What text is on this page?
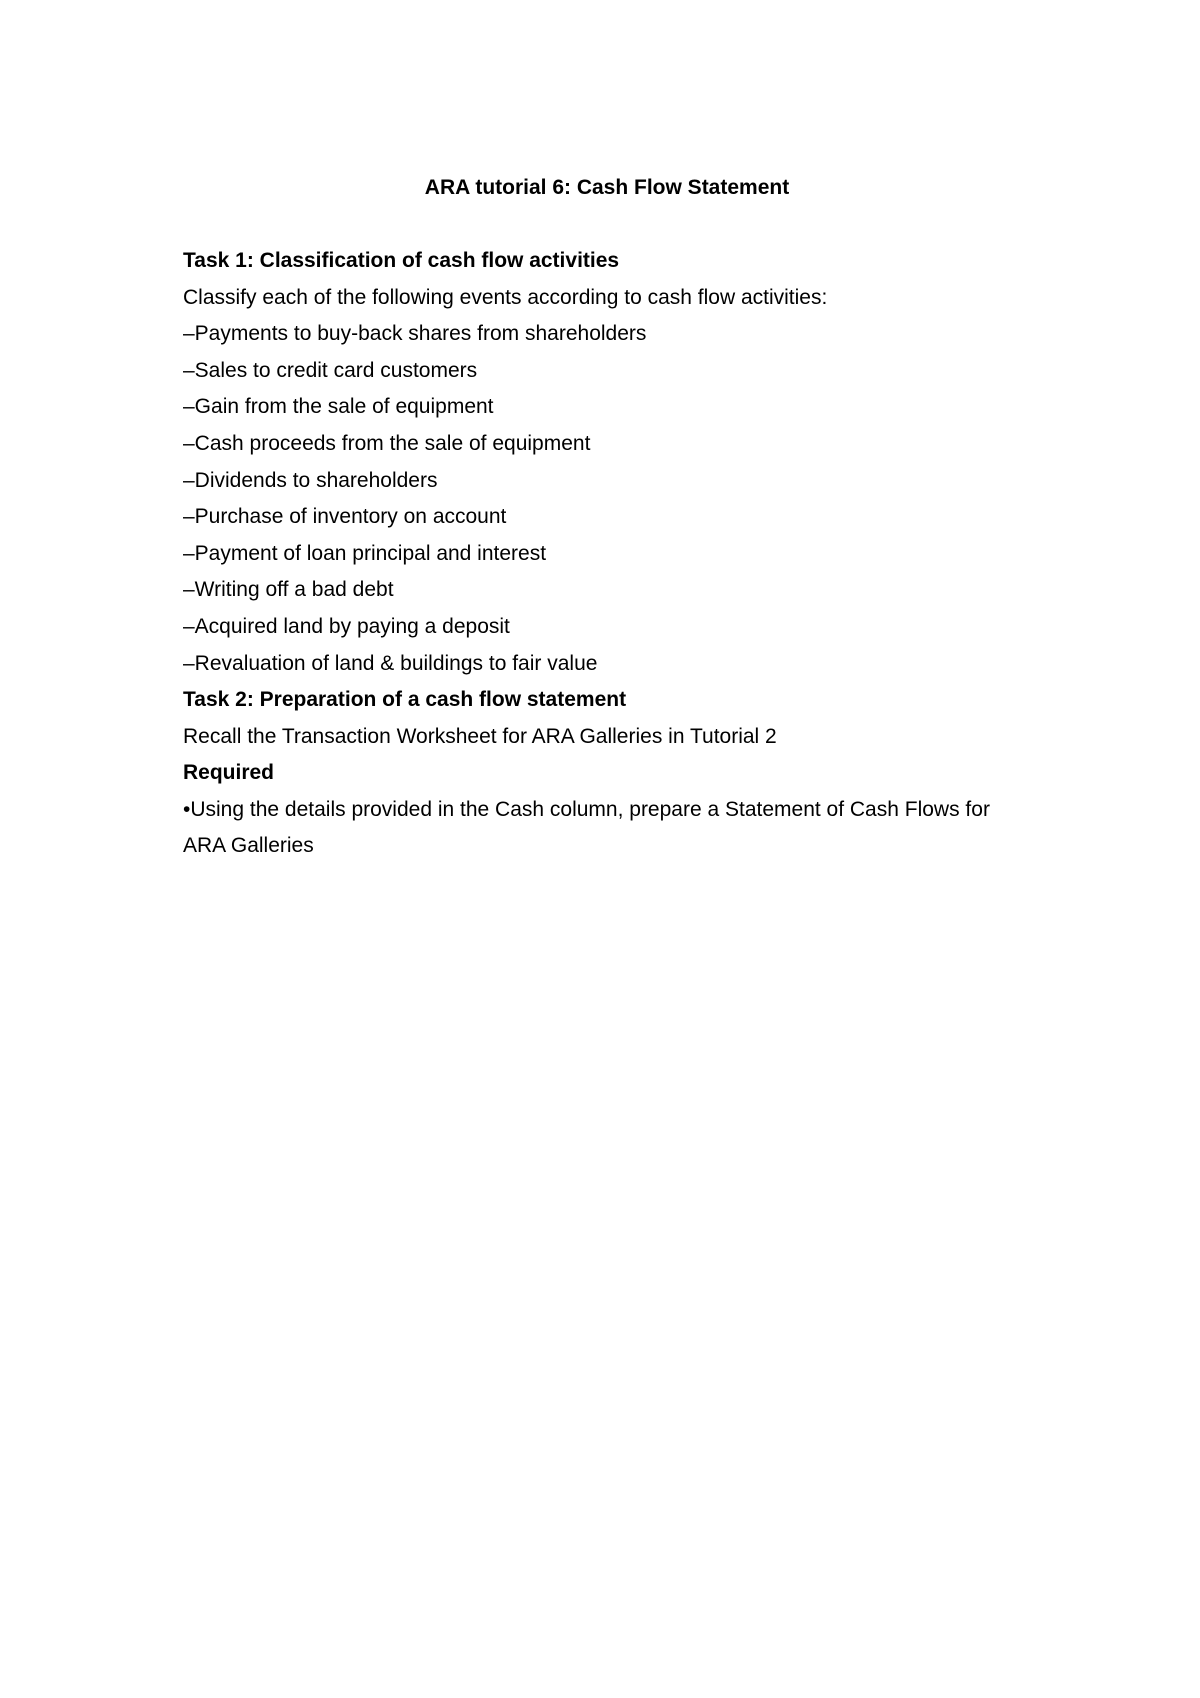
ARA tutorial 6: Cash Flow Statement

Task 1: Classification of cash flow activities

Classify each of the following events according to cash flow activities:

–Payments to buy-back shares from shareholders

–Sales to credit card customers

–Gain from the sale of equipment

–Cash proceeds from the sale of equipment

–Dividends to shareholders

–Purchase of inventory on account

–Payment of loan principal and interest

–Writing off a bad debt

–Acquired land by paying a deposit

–Revaluation of land & buildings to fair value

Task 2: Preparation of a cash flow statement

Recall the Transaction Worksheet for ARA Galleries in Tutorial 2

Required

•Using the details provided in the Cash column, prepare a Statement of Cash Flows for ARA Galleries
